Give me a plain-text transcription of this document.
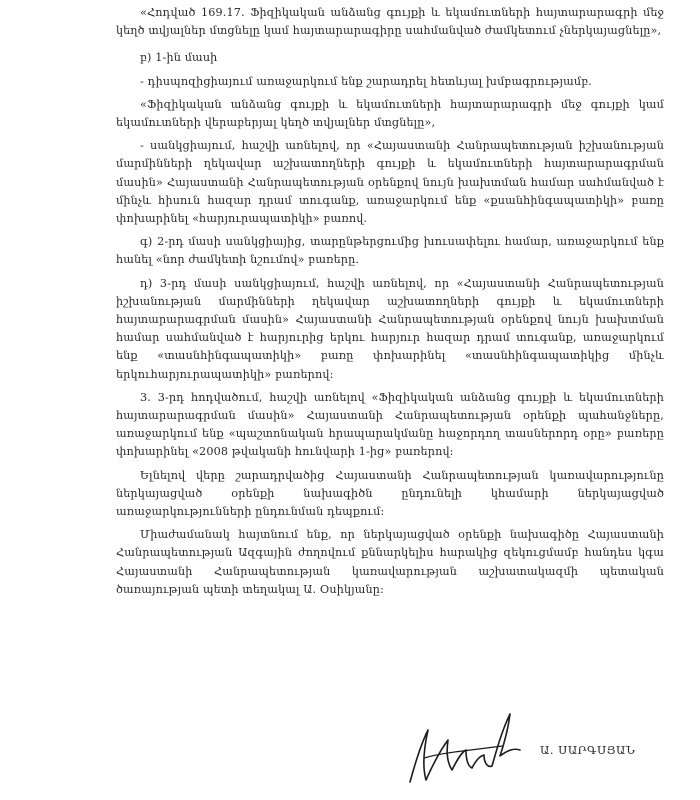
«Հոդված 169.17. Ֆիզիկական անձանց գույքի և եկամուտների հայտարարագրի մեջ կեղծ տվյալներ մտցնելը կամ հայտարարագիրը սահմանված ժամկետում չներկայացնելը»,

բ) 1-ին մասի

- դիսպոզիցիայում առաջարկում ենք շարադրել հետևյալ խմբագրությամբ.

«Ֆիզիկական անձանց գույքի և եկամուտների հայտարարագրի մեջ գույքի կամ եկամուտների վերաբերյալ կեղծ տվյալներ մտցնելը»,

- սանկցիայում, հաշվի առնելով, որ «Հայաստանի Հանրապետության իշխանության մարմինների ղեկավար աշխատողների գույքի և եկամուտների հայտարարագրման մասին» Հայաստանի Հանրապետության օրենքով նույն խախտման համար սահմանված է մինչև հիսուն հազար դրամ տուգանք, առաջարկում ենք «քսանհինգապատիկի» բառը փոխարինել «հարյուրապատիկի» բառով.

գ) 2-րդ մասի սանկցիայից, տարընթերցումից խուսափելու համար, առաջարկում ենք հանել «նոր ժամկետի նշումով» բառերը.

դ) 3-րդ մասի սանկցիայում, հաշվի առնելով, որ «Հայաստանի Հանրապետության իշխանության մարմինների ղեկավար աշխատողների գույքի և եկամուտների հայտարարագրման մասին» Հայաստանի Հանրապետության օրենքով նույն խախտման համար սահմանված է հարյուրից երկու հարյուր հազար դրամ տուգանք, առաջարկում ենք «տասնհինգապատիկի» բառը փոխարինել «տասնհինգապատիկից մինչև երկուհարյուրապատիկի» բառերով:

3. 3-րդ հոդվածում, հաշվի առնելով «Ֆիզիկական անձանց գույքի և եկամուտների հայտարարագրման մասին» Հայաստանի Հանրապետության օրենքի պահանջները, առաջարկում ենք «պաշտոնական հրապարակմանը հաջորդող տասներորդ օրը» բառերը փոխարինել «2008 թվականի հունվարի 1-ից» բառերով:

Ելնելով վերը շարադրվածից Հայաստանի Հանրապետության կառավարությունը ներկայացված օրենքի նախագիծն ընդունելի կհամարի ներկայացված առաջարկությունների ընդունման դեպքում:

Միաժամանակ հայտնում ենք, որ ներկայացված օրենքի նախագիծը Հայաստանի Հանրապետության Ազգային ժողովում քննարկելիս հարակից զեկուցմամբ հանդես կգա Հայաստանի Հանրապետության կառավարության աշխատակազմի պետական ծառայության պետի տեղակալ Ա. Օսիկյանը:

Ա. ՍԱՐԳՍՅԱՆ
